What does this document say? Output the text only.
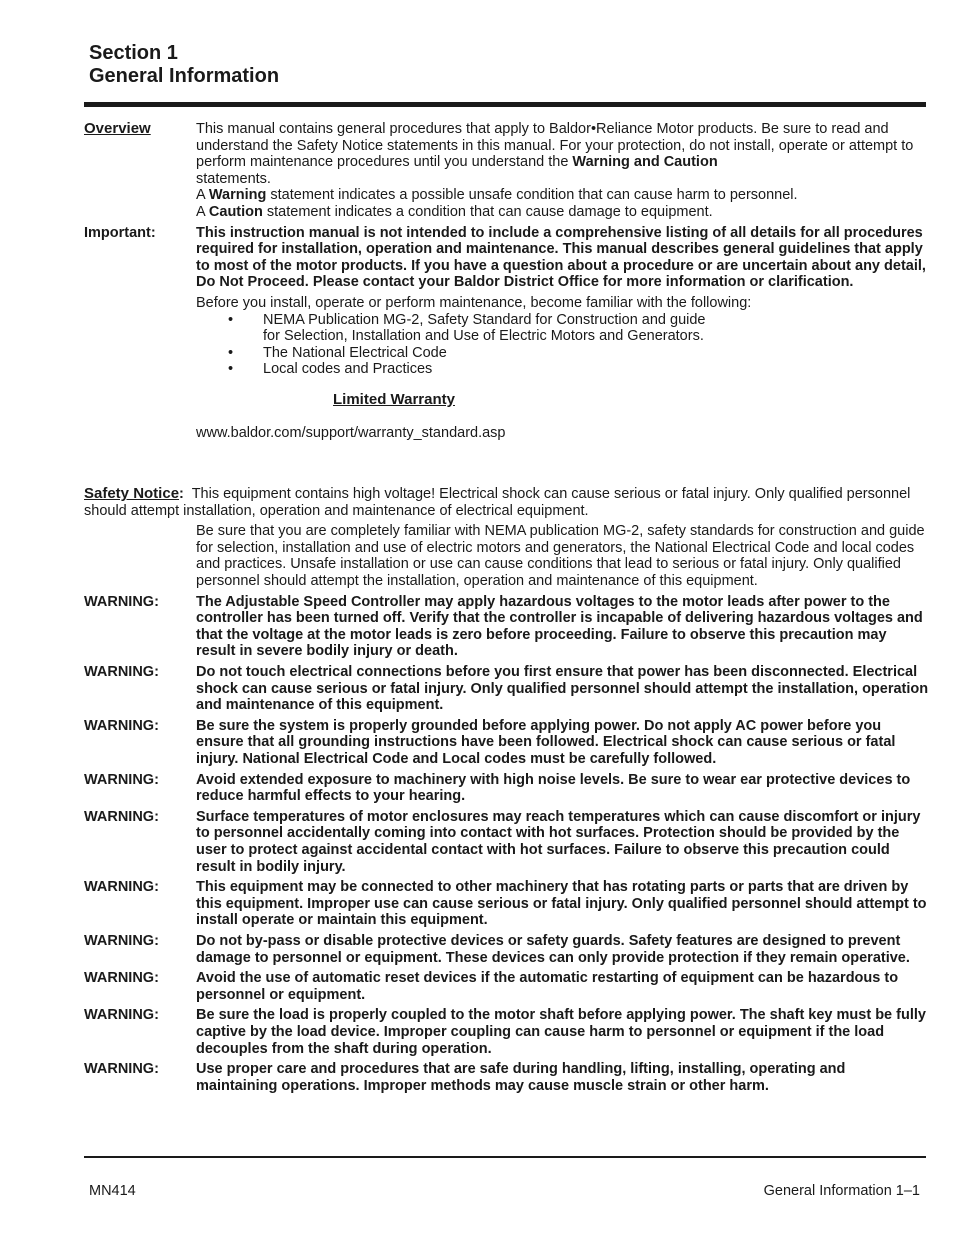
Section 1
General Information
Overview	This manual contains general procedures that apply to Baldor•Reliance Motor products. Be sure to read and understand the Safety Notice statements in this manual. For your protection, do not install, operate or attempt to perform maintenance procedures until you understand the Warning and Caution
statements.
A Warning statement indicates a possible unsafe condition that can cause harm to personnel.
A Caution statement indicates a condition that can cause damage to equipment.
Important:	This instruction manual is not intended to include a comprehensive listing of all details for all procedures required for installation, operation and maintenance. This manual describes general guidelines that apply to most of the motor products. If you have a question about a procedure or are uncertain about any detail, Do Not Proceed. Please contact your Baldor District Office for more information or clarification.
Before you install, operate or perform maintenance, become familiar with the following:
•	NEMA Publication MG-2, Safety Standard for Construction and guide
for Selection, Installation and Use of Electric Motors and Generators.
•	The National Electrical Code
•	Local codes and Practices
Limited Warranty
www.baldor.com/support/warranty_standard.asp
Safety Notice: This equipment contains high voltage! Electrical shock can cause serious or fatal injury. Only qualified personnel should attempt installation, operation and maintenance of electrical equipment.
Be sure that you are completely familiar with NEMA publication MG-2, safety standards for construction and guide for selection, installation and use of electric motors and generators, the National Electrical Code and local codes and practices. Unsafe installation or use can cause conditions that lead to serious or fatal injury. Only qualified personnel should attempt the installation, operation and maintenance of this equipment.
WARNING:	The Adjustable Speed Controller may apply hazardous voltages to the motor leads after power to the controller has been turned off. Verify that the controller is incapable of delivering hazardous voltages and that the voltage at the motor leads is zero before proceeding. Failure to observe this precaution may result in severe bodily injury or death.
WARNING:	Do not touch electrical connections before you first ensure that power has been disconnected. Electrical shock can cause serious or fatal injury. Only qualified personnel should attempt the installation, operation and maintenance of this equipment.
WARNING:	Be sure the system is properly grounded before applying power. Do not apply AC power before you ensure that all grounding instructions have been followed. Electrical shock can cause serious or fatal injury. National Electrical Code and Local codes must be carefully followed.
WARNING:	Avoid extended exposure to machinery with high noise levels. Be sure to wear ear protective devices to reduce harmful effects to your hearing.
WARNING:	Surface temperatures of motor enclosures may reach temperatures which can cause discomfort or injury to personnel accidentally coming into contact with hot surfaces. Protection should be provided by the user to protect against accidental contact with hot surfaces. Failure to observe this precaution could result in bodily injury.
WARNING:	This equipment may be connected to other machinery that has rotating parts or parts that are driven by this equipment. Improper use can cause serious or fatal injury. Only qualified personnel should attempt to install operate or maintain this equipment.
WARNING:	Do not by-pass or disable protective devices or safety guards. Safety features are designed to prevent damage to personnel or equipment. These devices can only provide protection if they remain operative.
WARNING:	Avoid the use of automatic reset devices if the automatic restarting of equipment can be hazardous to personnel or equipment.
WARNING:	Be sure the load is properly coupled to the motor shaft before applying power. The shaft key must be fully captive by the load device. Improper coupling can cause harm to personnel or equipment if the load decouples from the shaft during operation.
WARNING:	Use proper care and procedures that are safe during handling, lifting, installing, operating and maintaining operations. Improper methods may cause muscle strain or other harm.
MN414	General Information 1–1
